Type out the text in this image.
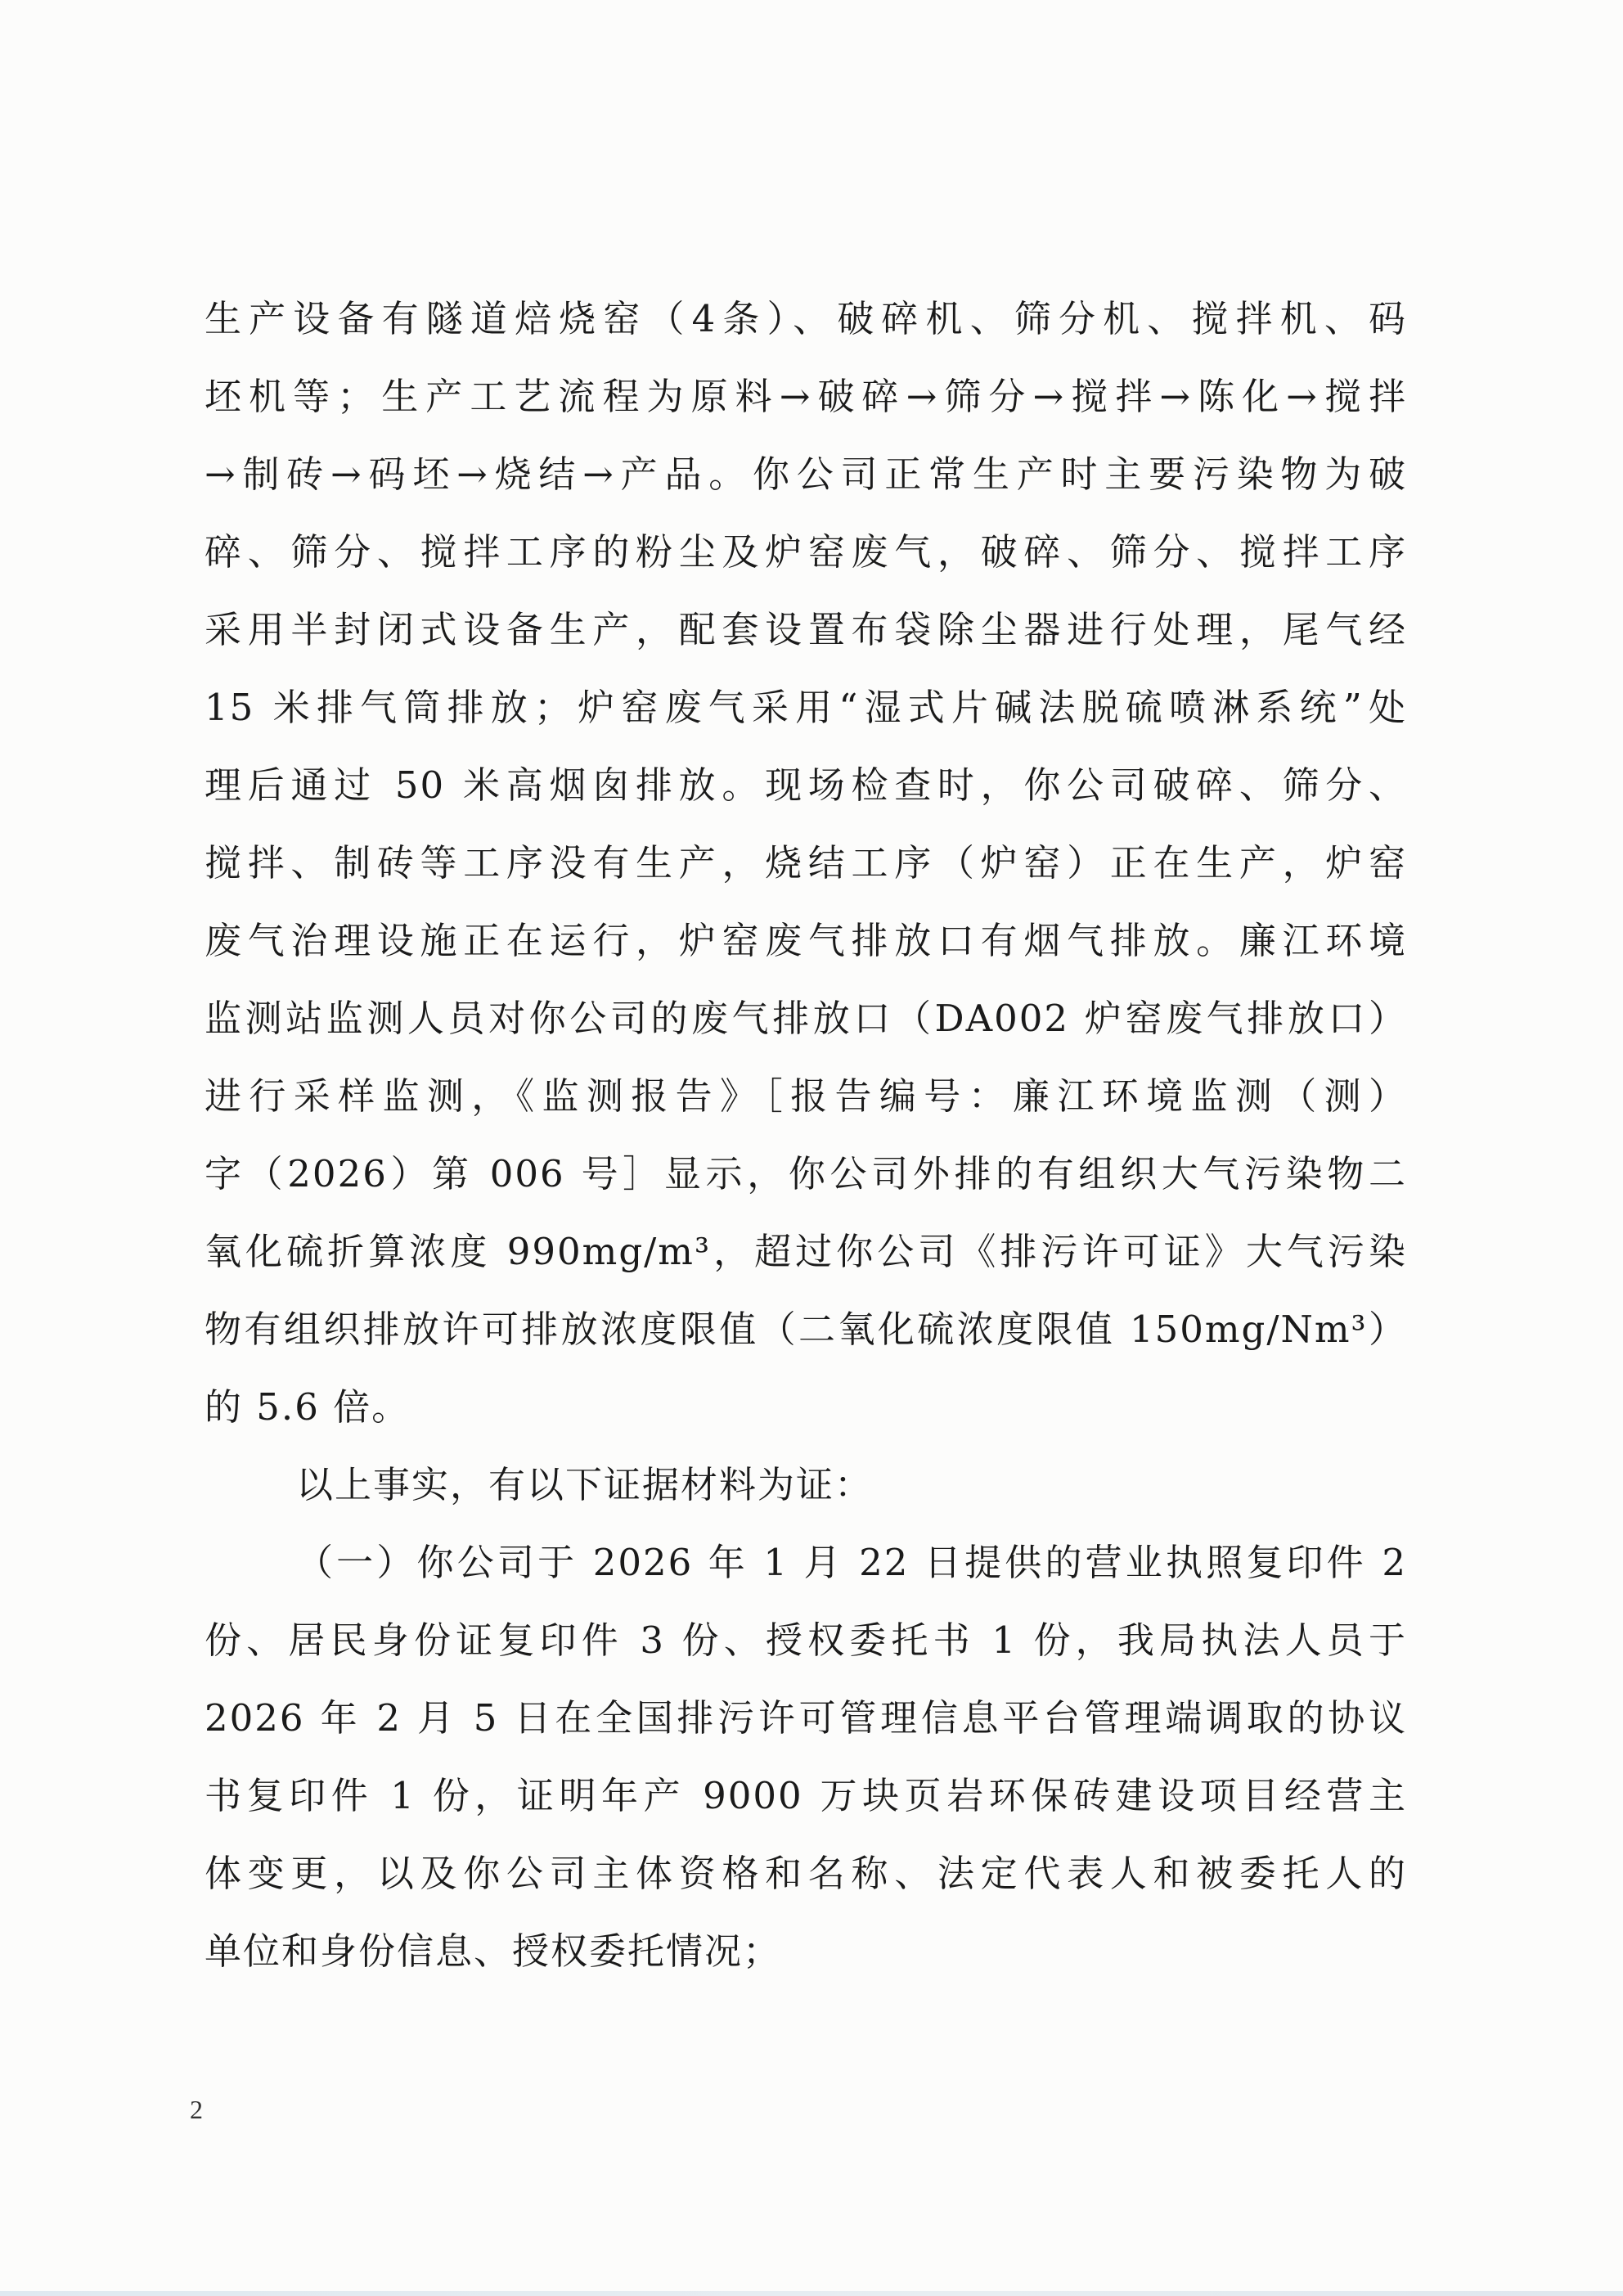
生产设备有隧道焙烧窑（4条）、破碎机、筛分机、搅拌机、码
坯机等；生产工艺流程为原料→破碎→筛分→搅拌→陈化→搅拌
→制砖→码坯→烧结→产品。你公司正常生产时主要污染物为破
碎、筛分、搅拌工序的粉尘及炉窑废气，破碎、筛分、搅拌工序
采用半封闭式设备生产，配套设置布袋除尘器进行处理，尾气经
15 米排气筒排放；炉窑废气采用“湿式片碱法脱硫喷淋系统”处
理后通过 50 米高烟囱排放。现场检查时，你公司破碎、筛分、
搅拌、制砖等工序没有生产，烧结工序（炉窑）正在生产，炉窑
废气治理设施正在运行，炉窑废气排放口有烟气排放。廉江环境
监测站监测人员对你公司的废气排放口（DA002 炉窑废气排放口）
进行采样监测，《监测报告》［报告编号：廉江环境监测（测）
字（2026）第 006 号］显示，你公司外排的有组织大气污染物二
氧化硫折算浓度 990mg/m³，超过你公司《排污许可证》大气污染
物有组织排放许可排放浓度限值（二氧化硫浓度限值 150mg/Nm³）
的 5.6 倍。
以上事实，有以下证据材料为证：
（一）你公司于 2026 年 1 月 22 日提供的营业执照复印件 2
份、居民身份证复印件 3 份、授权委托书 1 份，我局执法人员于
2026 年 2 月 5 日在全国排污许可管理信息平台管理端调取的协议
书复印件 1 份，证明年产 9000 万块页岩环保砖建设项目经营主
体变更，以及你公司主体资格和名称、法定代表人和被委托人的
单位和身份信息、授权委托情况；
2
